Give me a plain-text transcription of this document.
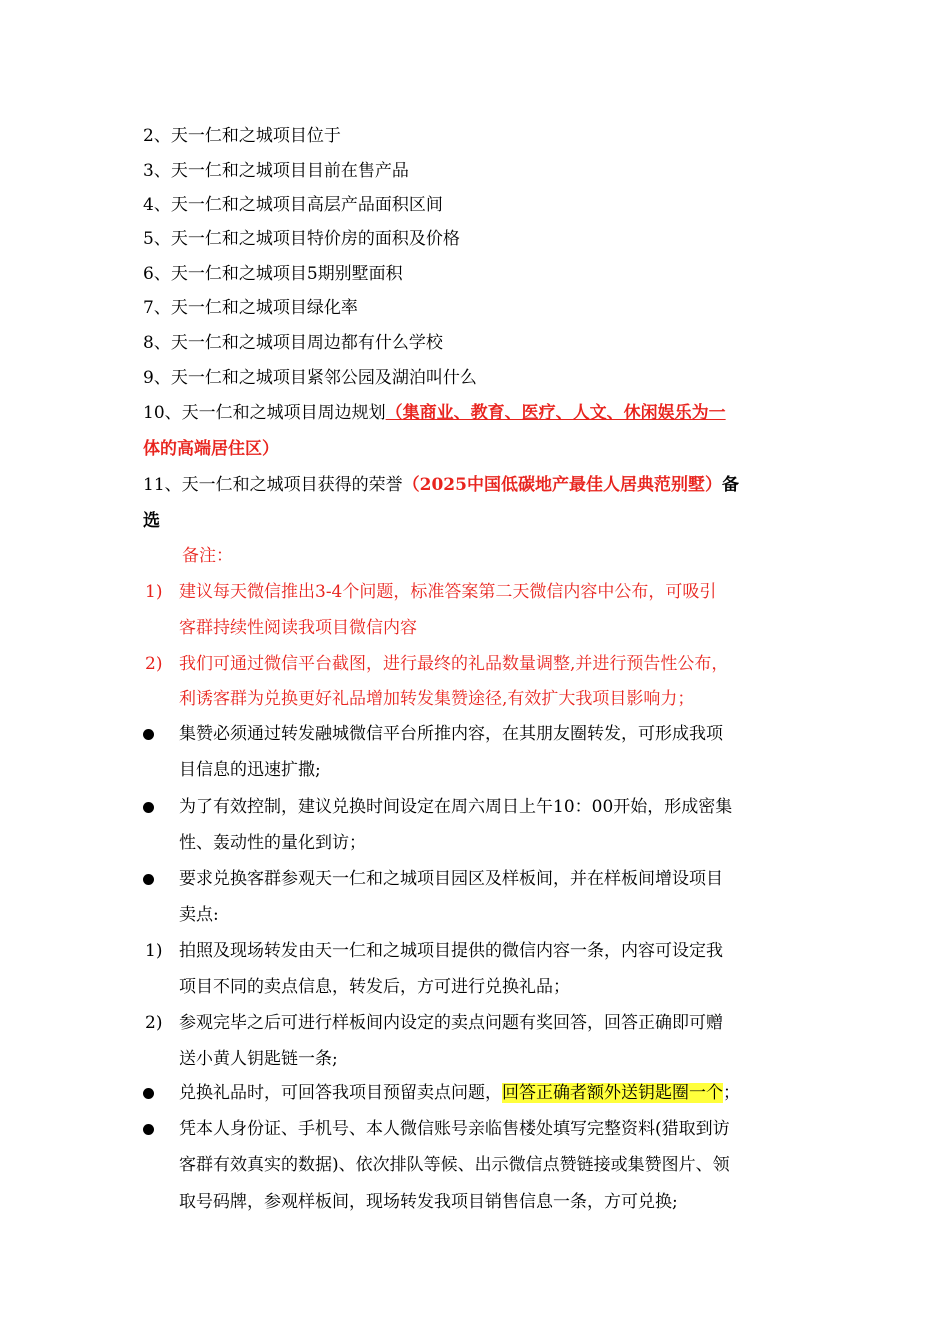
2、天一仁和之城项目位于
3、天一仁和之城项目目前在售产品
4、天一仁和之城项目高层产品面积区间
5、天一仁和之城项目特价房的面积及价格
6、天一仁和之城项目5期别墅面积
7、天一仁和之城项目绿化率
8、天一仁和之城项目周边都有什么学校
9、天一仁和之城项目紧邻公园及湖泊叫什么
10、天一仁和之城项目周边规划（集商业、教育、医疗、人文、休闲娱乐为一
体的高端居住区）
11、天一仁和之城项目获得的荣誉（2025中国低碳地产最佳人居典范别墅）备
选
备注：
1) 建议每天微信推出3-4个问题，标准答案第二天微信内容中公布，可吸引
客群持续性阅读我项目微信内容
2) 我们可通过微信平台截图，进行最终的礼品数量调整,并进行预告性公布，
利诱客群为兑换更好礼品增加转发集赞途径,有效扩大我项目影响力；
集赞必须通过转发融城微信平台所推内容，在其朋友圈转发，可形成我项
目信息的迅速扩撒;
为了有效控制，建议兑换时间设定在周六周日上午10：00开始，形成密集
性、轰动性的量化到访；
要求兑换客群参观天一仁和之城项目园区及样板间，并在样板间增设项目
卖点:
1) 拍照及现场转发由天一仁和之城项目提供的微信内容一条，内容可设定我
项目不同的卖点信息，转发后，方可进行兑换礼品；
2) 参观完毕之后可进行样板间内设定的卖点问题有奖回答，回答正确即可赠
送小黄人钥匙链一条;
兑换礼品时，可回答我项目预留卖点问题，回答正确者额外送钥匙圈一个；
凭本人身份证、手机号、本人微信账号亲临售楼处填写完整资料(猎取到访
客群有效真实的数据)、依次排队等候、出示微信点赞链接或集赞图片、领
取号码牌，参观样板间，现场转发我项目销售信息一条，方可兑换;
